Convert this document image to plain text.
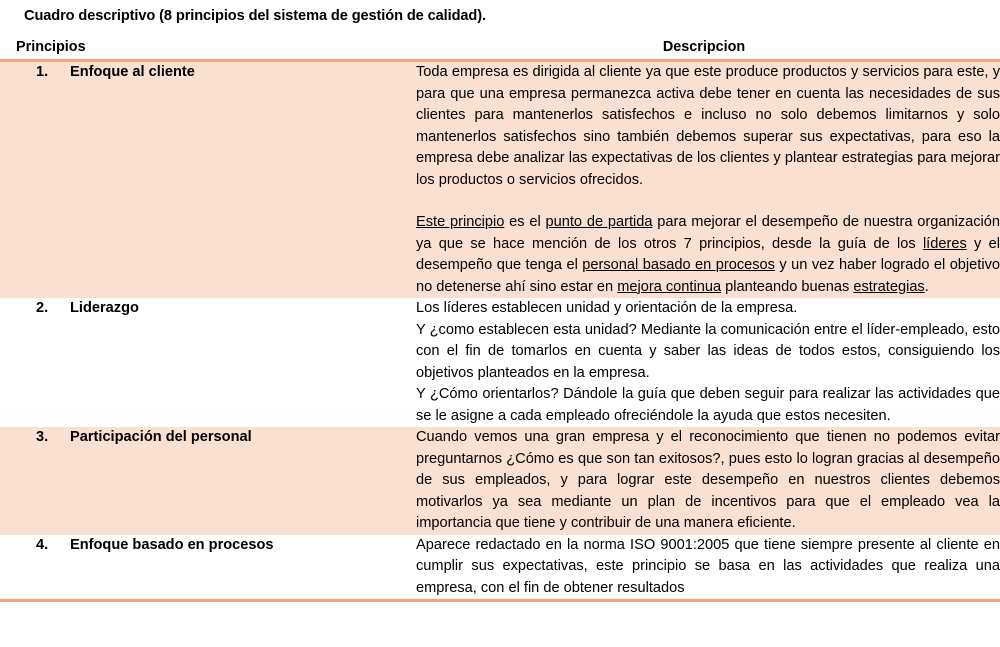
Cuadro descriptivo (8 principios del sistema de gestión de calidad).
Principios	Descripcion

1.	Enfoque al cliente	Toda empresa es dirigida al cliente ya que este produce productos y servicios para este, y para que una empresa permanezca activa debe tener en cuenta las necesidades de sus clientes para mantenerlos satisfechos e incluso no solo debemos limitarnos y solo mantenerlos satisfechos sino también debemos superar sus expectativas, para eso la empresa debe analizar las expectativas de los clientes y plantear estrategias para mejorar los productos o servicios ofrecidos.

Este principio es el punto de partida para mejorar el desempeño de nuestra organización ya que se hace mención de los otros 7 principios, desde la guía de los líderes y el desempeño que tenga el personal basado en procesos y un vez haber logrado el objetivo no detenerse ahí sino estar en mejora continua planteando buenas estrategias.

2.	Liderazgo	Los líderes establecen unidad y orientación de la empresa.

Y ¿como establecen esta unidad? Mediante la comunicación entre el líder-empleado, esto con el fin de tomarlos en cuenta y saber las ideas de todos estos, consiguiendo los objetivos planteados en la empresa.

Y ¿Cómo orientarlos? Dándole la guía que deben seguir para realizar las actividades que se le asigne a cada empleado ofreciéndole la ayuda que estos necesiten.

3. Participación del personal	Cuando vemos una gran empresa y el reconocimiento que tienen no podemos evitar preguntarnos ¿Cómo es que son tan exitosos?, pues esto lo logran gracias al desempeño de sus empleados, y para lograr este desempeño en nuestros clientes debemos motivarlos ya sea mediante un plan de incentivos para que el empleado vea la importancia que tiene y contribuir de una manera eficiente.

4. Enfoque basado en procesos	Aparece redactado en la norma ISO 9001:2005 que tiene siempre presente al cliente en cumplir sus expectativas, este principio se basa en las actividades que realiza una empresa, con el fin de obtener resultados
